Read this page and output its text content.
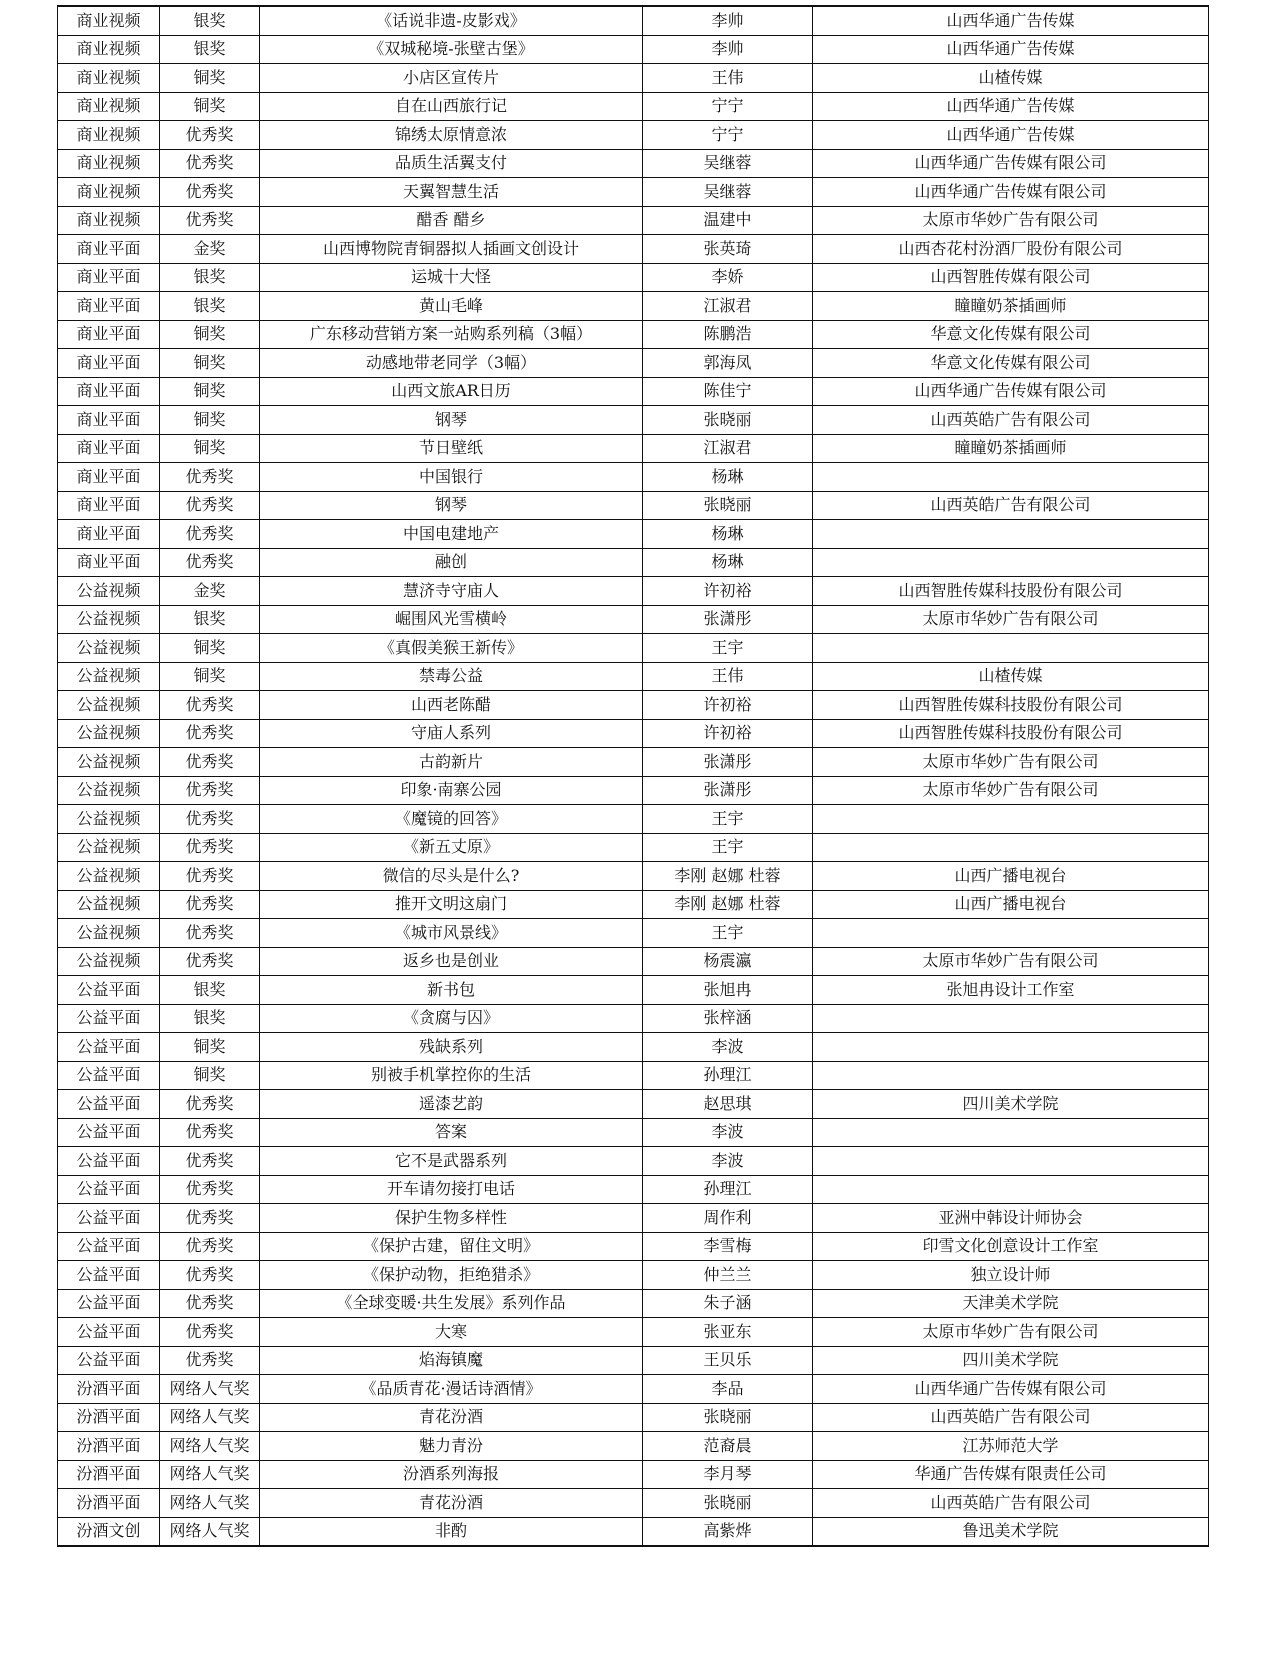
商业视频	银奖	《话说非遗-皮影戏》	李帅	山西华通广告传媒
商业视频	银奖	《双城秘境-张壁古堡》	李帅	山西华通广告传媒
商业视频	铜奖	小店区宣传片	王伟	山楂传媒
商业视频	铜奖	自在山西旅行记	宁宁	山西华通广告传媒
商业视频	优秀奖	锦绣太原情意浓	宁宁	山西华通广告传媒
商业视频	优秀奖	品质生活翼支付	吴继蓉	山西华通广告传媒有限公司
商业视频	优秀奖	天翼智慧生活	吴继蓉	山西华通广告传媒有限公司
商业视频	优秀奖	醋香 醋乡	温建中	太原市华妙广告有限公司
商业平面	金奖	山西博物院青铜器拟人插画文创设计	张英琦	山西杏花村汾酒厂股份有限公司
商业平面	银奖	运城十大怪	李娇	山西智胜传媒有限公司
商业平面	银奖	黄山毛峰	江淑君	瞳瞳奶茶插画师
商业平面	铜奖	广东移动营销方案一站购系列稿（3幅）	陈鹏浩	华意文化传媒有限公司
商业平面	铜奖	动感地带老同学（3幅）	郭海凤	华意文化传媒有限公司
商业平面	铜奖	山西文旅AR日历	陈佳宁	山西华通广告传媒有限公司
商业平面	铜奖	钢琴	张晓丽	山西英皓广告有限公司
商业平面	铜奖	节日壁纸	江淑君	瞳瞳奶茶插画师
商业平面	优秀奖	中国银行	杨琳	
商业平面	优秀奖	钢琴	张晓丽	山西英皓广告有限公司
商业平面	优秀奖	中国电建地产	杨琳	
商业平面	优秀奖	融创	杨琳	
公益视频	金奖	慧济寺守庙人	许初裕	山西智胜传媒科技股份有限公司
公益视频	银奖	崛围风光雪横岭	张潇彤	太原市华妙广告有限公司
公益视频	铜奖	《真假美猴王新传》	王宇	
公益视频	铜奖	禁毒公益	王伟	山楂传媒
公益视频	优秀奖	山西老陈醋	许初裕	山西智胜传媒科技股份有限公司
公益视频	优秀奖	守庙人系列	许初裕	山西智胜传媒科技股份有限公司
公益视频	优秀奖	古韵新片	张潇彤	太原市华妙广告有限公司
公益视频	优秀奖	印象·南寨公园	张潇彤	太原市华妙广告有限公司
公益视频	优秀奖	《魔镜的回答》	王宇	
公益视频	优秀奖	《新五丈原》	王宇	
公益视频	优秀奖	微信的尽头是什么?	李刚 赵娜 杜蓉	山西广播电视台
公益视频	优秀奖	推开文明这扇门	李刚 赵娜 杜蓉	山西广播电视台
公益视频	优秀奖	《城市风景线》	王宇	
公益视频	优秀奖	返乡也是创业	杨震瀛	太原市华妙广告有限公司
公益平面	银奖	新书包	张旭冉	张旭冉设计工作室
公益平面	银奖	《贪腐与囚》	张梓涵	
公益平面	铜奖	残缺系列	李波	
公益平面	铜奖	别被手机掌控你的生活	孙理江	
公益平面	优秀奖	遥漆艺韵	赵思琪	四川美术学院
公益平面	优秀奖	答案	李波	
公益平面	优秀奖	它不是武器系列	李波	
公益平面	优秀奖	开车请勿接打电话	孙理江	
公益平面	优秀奖	保护生物多样性	周作利	亚洲中韩设计师协会
公益平面	优秀奖	《保护古建，留住文明》	李雪梅	印雪文化创意设计工作室
公益平面	优秀奖	《保护动物，拒绝猎杀》	仲兰兰	独立设计师
公益平面	优秀奖	《全球变暖·共生发展》系列作品	朱子涵	天津美术学院
公益平面	优秀奖	大寒	张亚东	太原市华妙广告有限公司
公益平面	优秀奖	焰海镇魔	王贝乐	四川美术学院
汾酒平面	网络人气奖	《品质青花·漫话诗酒情》	李品	山西华通广告传媒有限公司
汾酒平面	网络人气奖	青花汾酒	张晓丽	山西英皓广告有限公司
汾酒平面	网络人气奖	魅力青汾	范裔晨	江苏师范大学
汾酒平面	网络人气奖	汾酒系列海报	李月琴	华通广告传媒有限责任公司
汾酒平面	网络人气奖	青花汾酒	张晓丽	山西英皓广告有限公司
汾酒文创	网络人气奖	非酌	高紫烨	鲁迅美术学院
